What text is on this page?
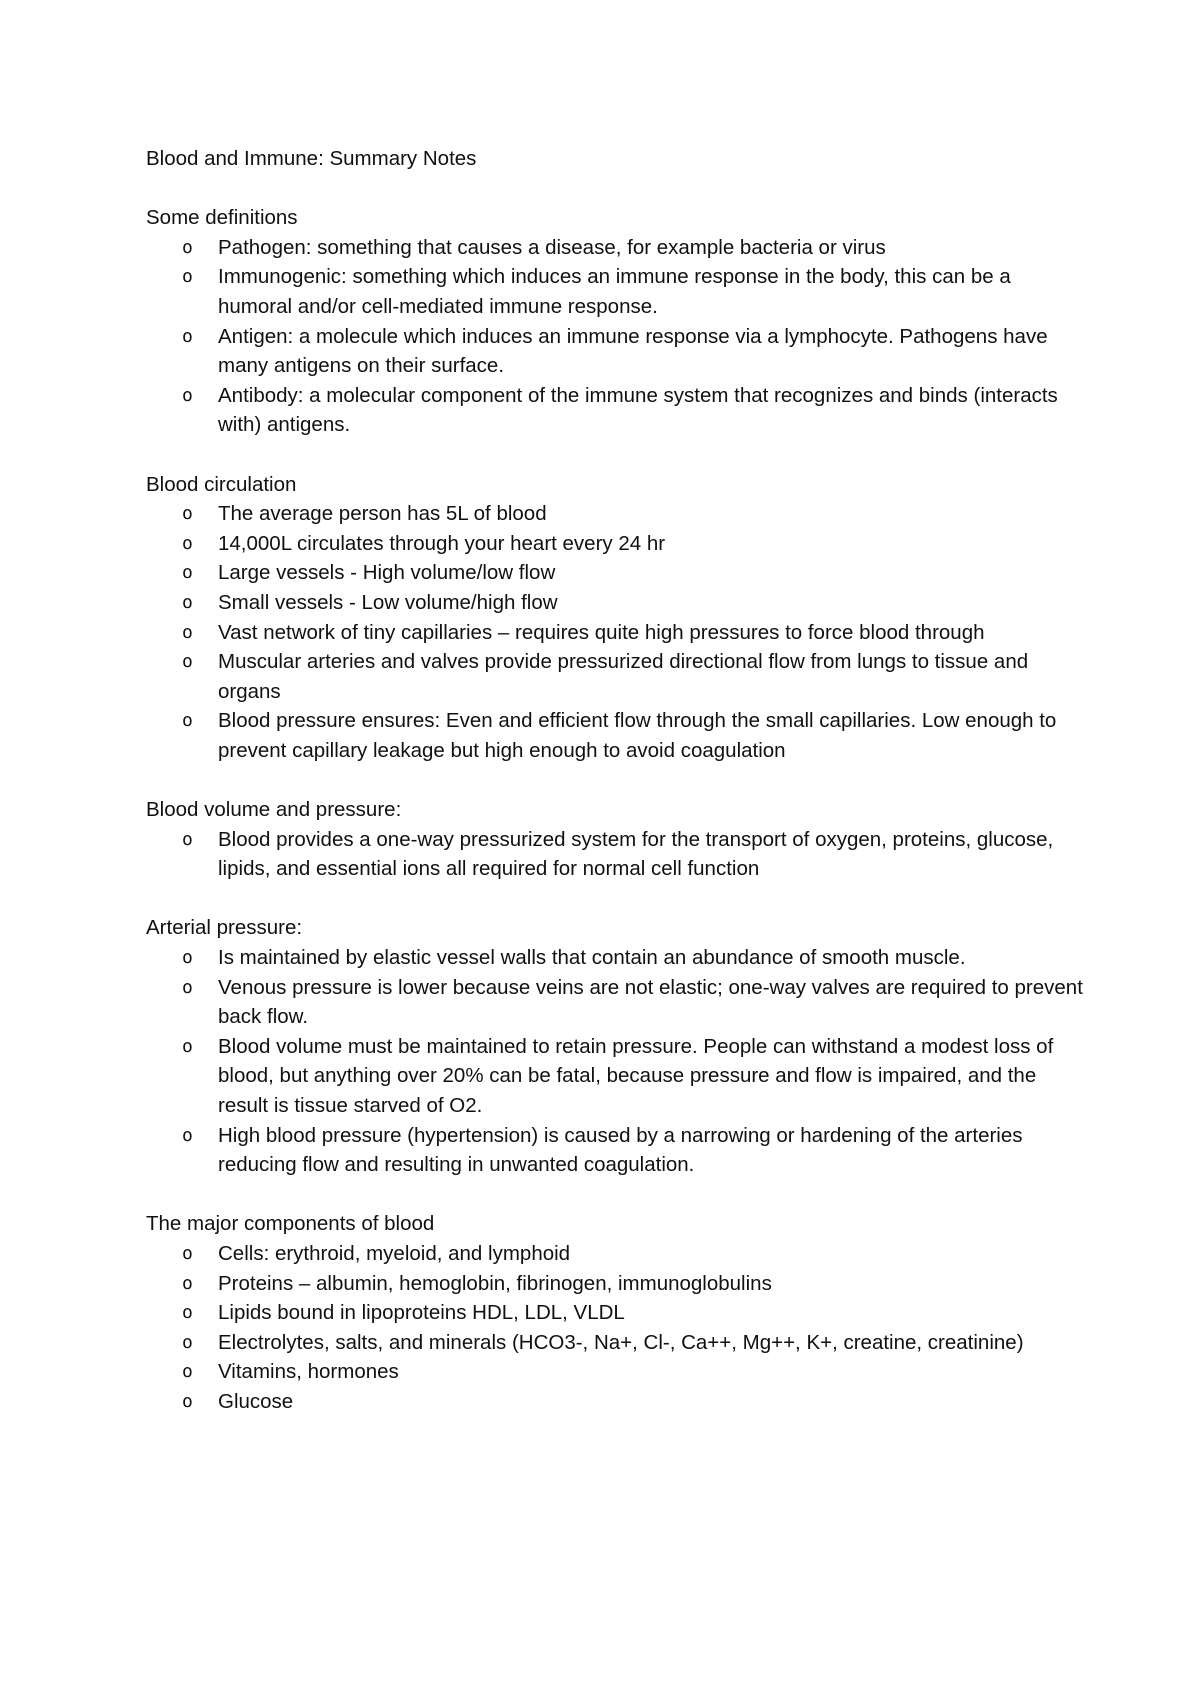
Blood and Immune: Summary Notes
Some definitions
o Pathogen: something that causes a disease, for example bacteria or virus
o Immunogenic: something which induces an immune response in the body, this can be a humoral and/or cell-mediated immune response.
o Antigen: a molecule which induces an immune response via a lymphocyte. Pathogens have many antigens on their surface.
o Antibody: a molecular component of the immune system that recognizes and binds (interacts with) antigens.
Blood circulation
o The average person has 5L of blood
o 14,000L circulates through your heart every 24 hr
o Large vessels - High volume/low flow
o Small vessels - Low volume/high flow
o Vast network of tiny capillaries – requires quite high pressures to force blood through
o Muscular arteries and valves provide pressurized directional flow from lungs to tissue and organs
o Blood pressure ensures: Even and efficient flow through the small capillaries. Low enough to prevent capillary leakage but high enough to avoid coagulation
Blood volume and pressure:
o Blood provides a one-way pressurized system for the transport of oxygen, proteins, glucose, lipids, and essential ions all required for normal cell function
Arterial pressure:
o Is maintained by elastic vessel walls that contain an abundance of smooth muscle.
o Venous pressure is lower because veins are not elastic; one-way valves are required to prevent back flow.
o Blood volume must be maintained to retain pressure. People can withstand a modest loss of blood, but anything over 20% can be fatal, because pressure and flow is impaired, and the result is tissue starved of O2.
o High blood pressure (hypertension) is caused by a narrowing or hardening of the arteries reducing flow and resulting in unwanted coagulation.
The major components of blood
o Cells: erythroid, myeloid, and lymphoid
o Proteins – albumin, hemoglobin, fibrinogen, immunoglobulins
o Lipids bound in lipoproteins HDL, LDL, VLDL
o Electrolytes, salts, and minerals (HCO3-, Na+, Cl-, Ca++, Mg++, K+, creatine, creatinine)
o Vitamins, hormones
o Glucose
